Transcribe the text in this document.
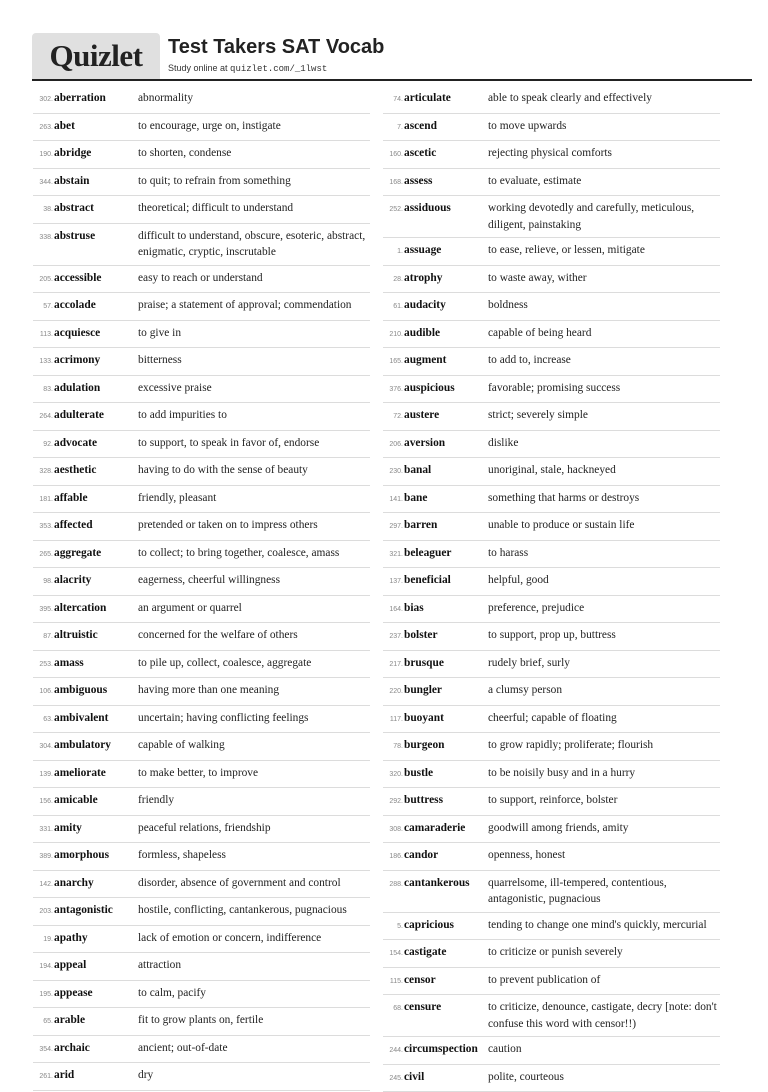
Quizlet	Test Takers SAT Vocab
Study online at quizlet.com/_1lwst
302. aberration	abnormality
263. abet	to encourage, urge on, instigate
190. abridge	to shorten, condense
344. abstain	to quit; to refrain from something
38. abstract	theoretical; difficult to understand
338. abstruse	difficult to understand, obscure, esoteric, abstract, enigmatic, cryptic, inscrutable
205. accessible	easy to reach or understand
57. accolade	praise; a statement of approval; commendation
113. acquiesce	to give in
133. acrimony	bitterness
83. adulation	excessive praise
264. adulterate	to add impurities to
92. advocate	to support, to speak in favor of, endorse
328. aesthetic	having to do with the sense of beauty
181. affable	friendly, pleasant
353. affected	pretended or taken on to impress others
265. aggregate	to collect; to bring together, coalesce, amass
98. alacrity	eagerness, cheerful willingness
395. altercation	an argument or quarrel
87. altruistic	concerned for the welfare of others
253. amass	to pile up, collect, coalesce, aggregate
106. ambiguous	having more than one meaning
63. ambivalent	uncertain; having conflicting feelings
304. ambulatory	capable of walking
139. ameliorate	to make better, to improve
156. amicable	friendly
331. amity	peaceful relations, friendship
389. amorphous	formless, shapeless
142. anarchy	disorder, absence of government and control
203. antagonistic	hostile, conflicting, cantankerous, pugnacious
19. apathy	lack of emotion or concern, indifference
194. appeal	attraction
195. appease	to calm, pacify
65. arable	fit to grow plants on, fertile
354. archaic	ancient; out-of-date
261. arid	dry
74. articulate	able to speak clearly and effectively
7. ascend	to move upwards
160. ascetic	rejecting physical comforts
168. assess	to evaluate, estimate
252. assiduous	working devotedly and carefully, meticulous, diligent, painstaking
1. assuage	to ease, relieve, or lessen, mitigate
28. atrophy	to waste away, wither
61. audacity	boldness
210. audible	capable of being heard
165. augment	to add to, increase
376. auspicious	favorable; promising success
72. austere	strict; severely simple
206. aversion	dislike
230. banal	unoriginal, stale, hackneyed
141. bane	something that harms or destroys
297. barren	unable to produce or sustain life
321. beleaguer	to harass
137. beneficial	helpful, good
164. bias	preference, prejudice
237. bolster	to support, prop up, buttress
217. brusque	rudely brief, surly
220. bungler	a clumsy person
117. buoyant	cheerful; capable of floating
78. burgeon	to grow rapidly; proliferate; flourish
320. bustle	to be noisily busy and in a hurry
292. buttress	to support, reinforce, bolster
308. camaraderie	goodwill among friends, amity
186. candor	openness, honest
288. cantankerous	quarrelsome, ill-tempered, contentious, antagonistic, pugnacious
5. capricious	tending to change one mind's quickly, mercurial
154. castigate	to criticize or punish severely
115. censor	to prevent publication of
68. censure	to criticize, denounce, castigate, decry [note: don't confuse this word with censor!!)
244. circumspection caution
245. civil	polite, courteous
